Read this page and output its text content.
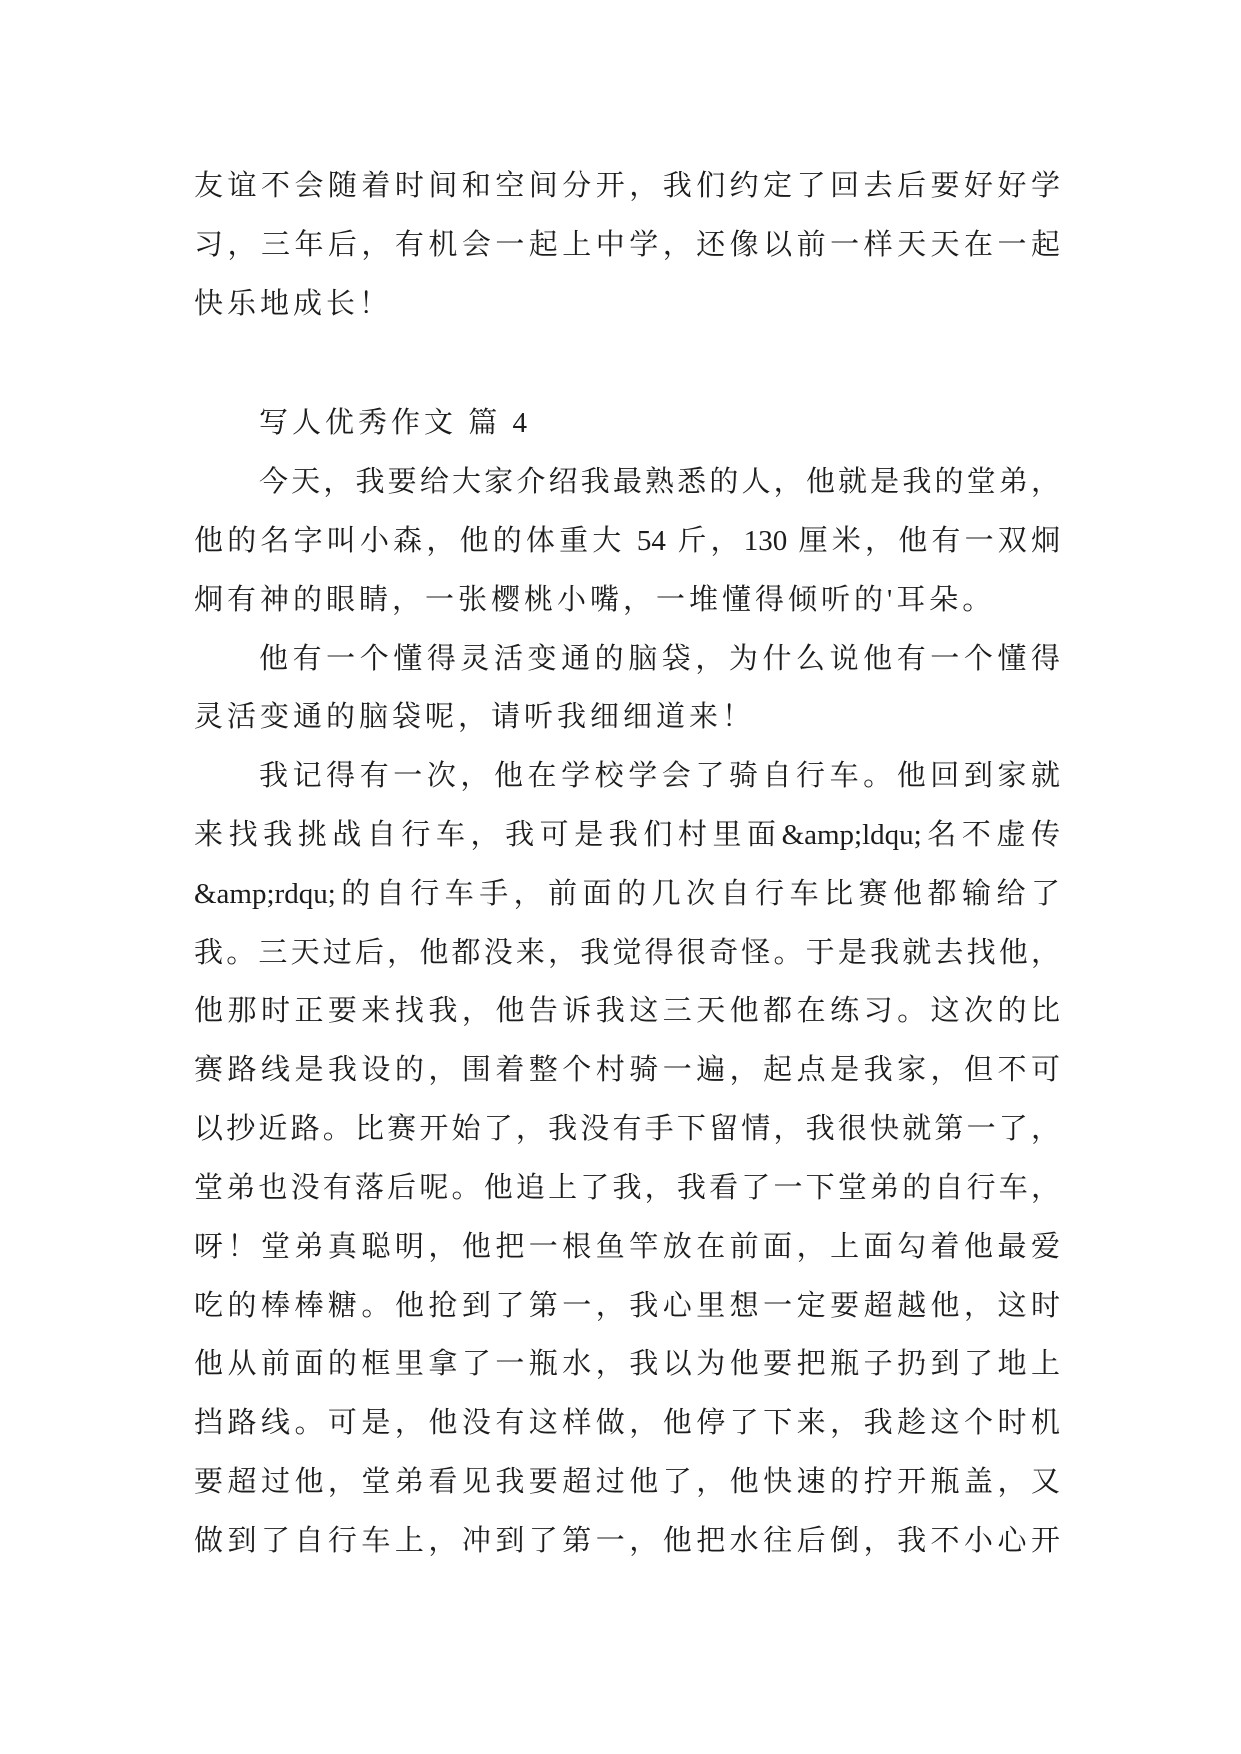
友谊不会随着时间和空间分开，我们约定了回去后要好好学
习，三年后，有机会一起上中学，还像以前一样天天在一起
快乐地成长！
写人优秀作文 篇 4
今天，我要给大家介绍我最熟悉的人，他就是我的堂弟，
他的名字叫小森，他的体重大 54 斤，130 厘米，他有一双炯
炯有神的眼睛，一张樱桃小嘴，一堆懂得倾听的'耳朵。
他有一个懂得灵活变通的脑袋，为什么说他有一个懂得
灵活变通的脑袋呢，请听我细细道来！
我记得有一次，他在学校学会了骑自行车。他回到家就
来找我挑战自行车，我可是我们村里面&amp;ldqu;名不虚传
&amp;rdqu;的自行车手，前面的几次自行车比赛他都输给了
我。三天过后，他都没来，我觉得很奇怪。于是我就去找他，
他那时正要来找我，他告诉我这三天他都在练习。这次的比
赛路线是我设的，围着整个村骑一遍，起点是我家，但不可
以抄近路。比赛开始了，我没有手下留情，我很快就第一了，
堂弟也没有落后呢。他追上了我，我看了一下堂弟的自行车，
呀！堂弟真聪明，他把一根鱼竿放在前面，上面勾着他最爱
吃的棒棒糖。他抢到了第一，我心里想一定要超越他，这时
他从前面的框里拿了一瓶水，我以为他要把瓶子扔到了地上
挡路线。可是，他没有这样做，他停了下来，我趁这个时机
要超过他，堂弟看见我要超过他了，他快速的拧开瓶盖，又
做到了自行车上，冲到了第一，他把水往后倒，我不小心开
